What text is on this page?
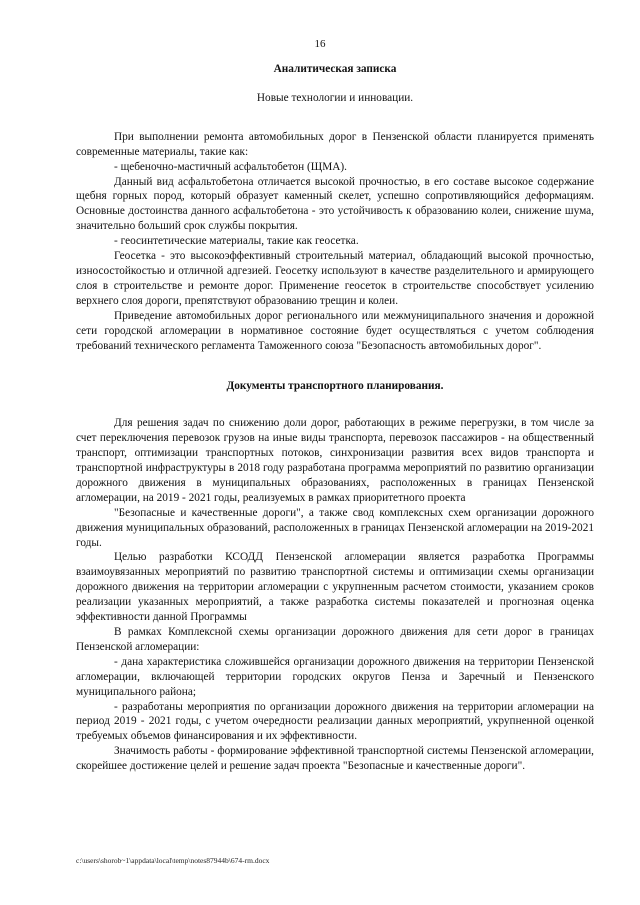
16

Аналитическая записка

Новые технологии и инновации.

При выполнении ремонта автомобильных дорог в Пензенской области планируется применять современные материалы, такие как:

- щебеночно-мастичный асфальтобетон (ЩМА).

Данный вид асфальтобетона отличается высокой прочностью, в его составе высокое содержание щебня горных пород, который образует каменный скелет, успешно сопротивляющийся деформациям. Основные достоинства данного асфальтобетона - это устойчивость к образованию колеи, снижение шума, значительно больший срок службы покрытия.

- геосинтетические материалы, такие как геосетка.

Геосетка - это высокоэффективный строительный материал, обладающий высокой прочностью, износостойкостью и отличной адгезией. Геосетку используют в качестве разделительного и армирующего слоя в строительстве и ремонте дорог. Применение геосеток в строительстве способствует усилению верхнего слоя дороги, препятствуют образованию трещин и колеи.

Приведение автомобильных дорог регионального или межмуниципального значения и дорожной сети городской агломерации в нормативное состояние будет осуществляться с учетом соблюдения требований технического регламента Таможенного союза "Безопасность автомобильных дорог".

Документы транспортного планирования.

Для решения задач по снижению доли дорог, работающих в режиме перегрузки, в том числе за счет переключения перевозок грузов на иные виды транспорта, перевозок пассажиров - на общественный транспорт, оптимизации транспортных потоков, синхронизации развития всех видов транспорта и транспортной инфраструктуры в 2018 году разработана программа мероприятий по развитию организации дорожного движения в муниципальных образованиях, расположенных в границах Пензенской агломерации, на 2019 - 2021 годы, реализуемых в рамках приоритетного проекта

"Безопасные и качественные дороги", а также свод комплексных схем организации дорожного движения муниципальных образований, расположенных в границах Пензенской агломерации на 2019-2021 годы.

Целью разработки КСОДД Пензенской агломерации является разработка Программы взаимоувязанных мероприятий по развитию транспортной системы и оптимизации схемы организации дорожного движения на территории агломерации с укрупненным расчетом стоимости, указанием сроков реализации указанных мероприятий, а также разработка системы показателей и прогнозная оценка эффективности данной Программы

В рамках Комплексной схемы организации дорожного движения для сети дорог в границах Пензенской агломерации:

- дана характеристика сложившейся организации дорожного движения на территории Пензенской агломерации, включающей территории городских округов Пенза и Заречный и Пензенского муниципального района;

- разработаны мероприятия по организации дорожного движения на территории агломерации на период 2019 - 2021 годы, с учетом очередности реализации данных мероприятий, укрупненной оценкой требуемых объемов финансирования и их эффективности.

Значимость работы - формирование эффективной транспортной системы Пензенской агломерации, скорейшее достижение целей и решение задач проекта "Безопасные и качественные дороги".

c:\users\shorob~1\appdata\local\temp\notes87944b\674-rm.docx
